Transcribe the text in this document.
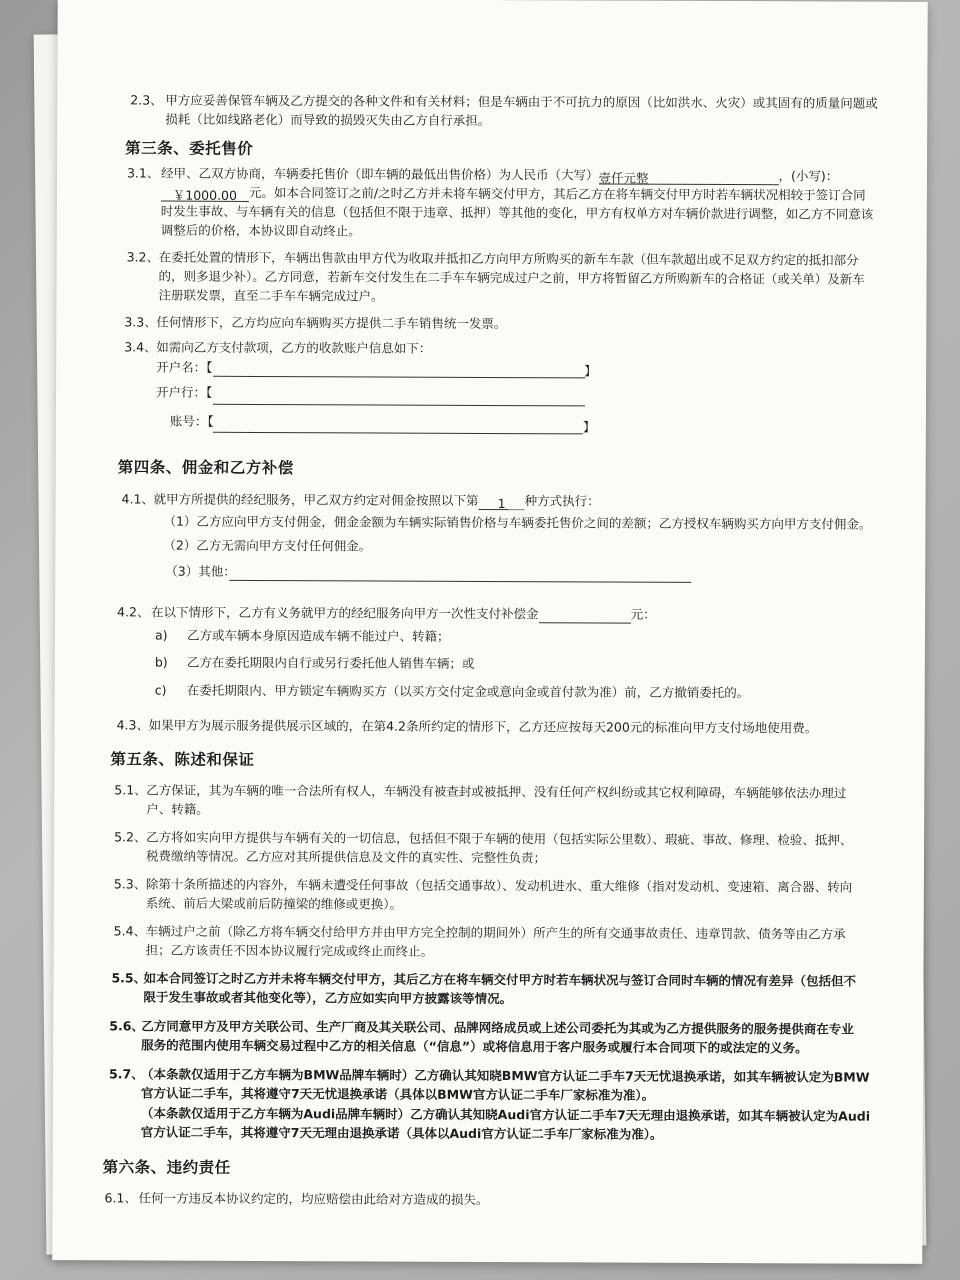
2.3、 甲方应妥善保管车辆及乙方提交的各种文件和有关材料；但是车辆由于不可抗力的原因（比如洪水、火灾）或其固有的质量问题或
损耗（比如线路老化）而导致的损毁灭失由乙方自行承担。
第三条、委托售价
3.1、 经甲、乙双方协商，车辆委托售价（即车辆的最低出售价格）为人民币（大写）壹仟元整	，(小写)：
￥1000.00 元。如本合同签订之前/之时乙方并未将车辆交付甲方，其后乙方在将车辆交付甲方时若车辆状况相较于签订合同
时发生事故、与车辆有关的信息（包括但不限于违章、抵押）等其他的变化，甲方有权单方对车辆价款进行调整，如乙方不同意该
调整后的价格，本协议即自动终止。
3.2、 在委托处置的情形下，车辆出售款由甲方代为收取并抵扣乙方向甲方所购买的新车车款（但车款超出或不足双方约定的抵扣部分
的，则多退少补）。乙方同意，若新车交付发生在二手车车辆完成过户之前，甲方将暂留乙方所购新车的合格证（或关单）及新车
注册联发票，直至二手车车辆完成过户。
3.3、 任何情形下，乙方均应向车辆购买方提供二手车销售统一发票。
3.4、 如需向乙方支付款项，乙方的收款账户信息如下：
开户名：【	】
开户行：【
账号：【	】
第四条、佣金和乙方补偿
4.1、 就甲方所提供的经纪服务，甲乙双方约定对佣金按照以下第 1 种方式执行：
（1）乙方应向甲方支付佣金，佣金金额为车辆实际销售价格与车辆委托售价之间的差额；乙方授权车辆购买方向甲方支付佣金。
（2）乙方无需向甲方支付任何佣金。
（3）其他：
4.2、 在以下情形下，乙方有义务就甲方的经纪服务向甲方一次性支付补偿金	元：
a) 乙方或车辆本身原因造成车辆不能过户、转籍；
b) 乙方在委托期限内自行或另行委托他人销售车辆；或
c) 在委托期限内、甲方锁定车辆购买方（以买方交付定金或意向金或首付款为准）前，乙方撤销委托的。
4.3、 如果甲方为展示服务提供展示区域的，在第4.2条所约定的情形下，乙方还应按每天200元的标准向甲方支付场地使用费。
第五条、陈述和保证
5.1、 乙方保证，其为车辆的唯一合法所有权人，车辆没有被查封或被抵押、没有任何产权纠纷或其它权利障碍，车辆能够依法办理过
户、转籍。
5.2、 乙方将如实向甲方提供与车辆有关的一切信息，包括但不限于车辆的使用（包括实际公里数）、瑕疵、事故、修理、检验、抵押、
税费缴纳等情况。乙方应对其所提供信息及文件的真实性、完整性负责；
5.3、 除第十条所描述的内容外，车辆未遭受任何事故（包括交通事故）、发动机进水、重大维修（指对发动机、变速箱、离合器、转向
系统、前后大梁或前后防撞梁的维修或更换）。
5.4、 车辆过户之前（除乙方将车辆交付给甲方并由甲方完全控制的期间外）所产生的所有交通事故责任、违章罚款、债务等由乙方承
担；乙方该责任不因本协议履行完成或终止而终止。
5.5、
如本合同签订之时乙方并未将车辆交付甲方，其后乙方在将车辆交付甲方时若车辆状况与签订合同时车辆的情况有差异（包括但不
限于发生事故或者其他变化等），乙方应如实向甲方披露该等情况。
5.6、
乙方同意甲方及甲方关联公司、生产厂商及其关联公司、品牌网络成员或上述公司委托为其或为乙方提供服务的服务提供商在专业
服务的范围内使用车辆交易过程中乙方的相关信息（“信息”）或将信息用于客户服务或履行本合同项下的或法定的义务。
5.7、
（本条款仅适用于乙方车辆为BMW品牌车辆时）乙方确认其知晓BMW官方认证二手车7天无忧退换承诺，如其车辆被认定为BMW
官方认证二手车，其将遵守7天无忧退换承诺（具体以BMW官方认证二手车厂家标准为准）。
（本条款仅适用于乙方车辆为Audi品牌车辆时）乙方确认其知晓Audi官方认证二手车7天无理由退换承诺，如其车辆被认定为Audi
官方认证二手车，其将遵守7天无理由退换承诺（具体以Audi官方认证二手车厂家标准为准）。
第六条、违约责任
6.1、 任何一方违反本协议约定的，均应赔偿由此给对方造成的损失。
